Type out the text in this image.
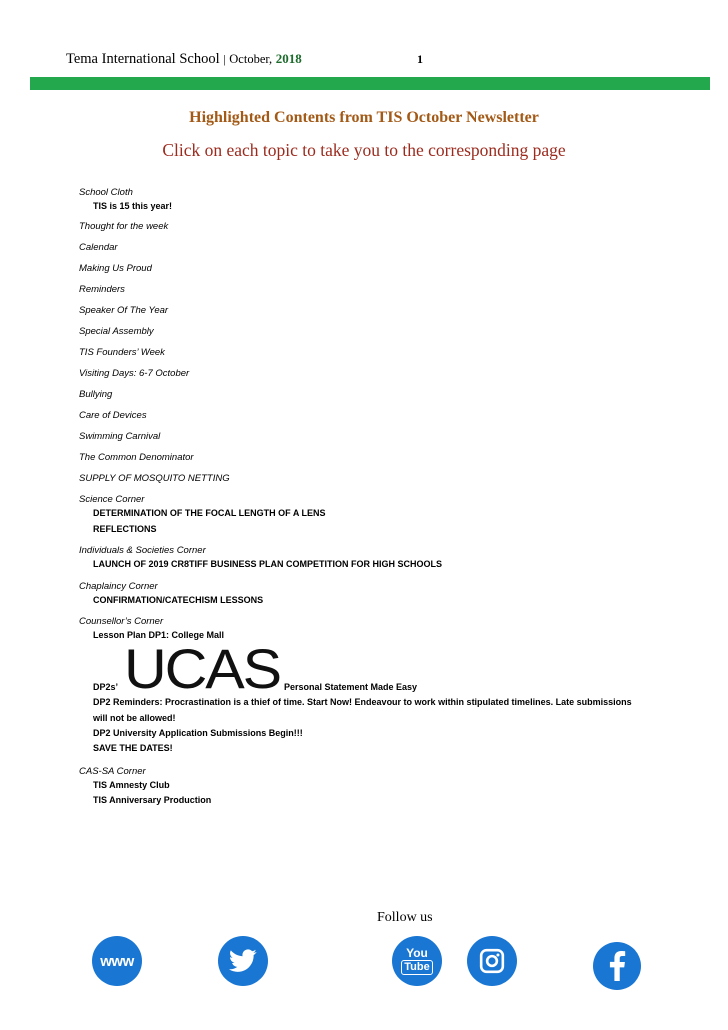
Tema International School | October, 2018	1
Highlighted Contents from TIS October Newsletter
Click on each topic to take you to the corresponding page
School Cloth
TIS is 15 this year!
Thought for the week
Calendar
Making Us Proud
Reminders
Speaker Of The Year
Special Assembly
TIS Founders’ Week
Visiting Days: 6-7 October
Bullying
Care of Devices
Swimming Carnival
The Common Denominator
SUPPLY OF MOSQUITO NETTING
Science Corner
DETERMINATION OF THE FOCAL LENGTH OF A LENS
REFLECTIONS
Individuals & Societies Corner
LAUNCH OF 2019 CR8TIFF BUSINESS PLAN COMPETITION FOR HIGH SCHOOLS
Chaplaincy Corner
CONFIRMATION/CATECHISM LESSONS
Counsellor’s Corner
Lesson Plan DP1: College Mall
DP2s’ UCAS Personal Statement Made Easy
DP2 Reminders: Procrastination is a thief of time. Start Now! Endeavour to work within stipulated timelines. Late submissions will not be allowed!
DP2 University Application Submissions Begin!!!
SAVE THE DATES!
CAS-SA Corner
TIS Amnesty Club
TIS Anniversary Production
Follow us
www	You
Tube
